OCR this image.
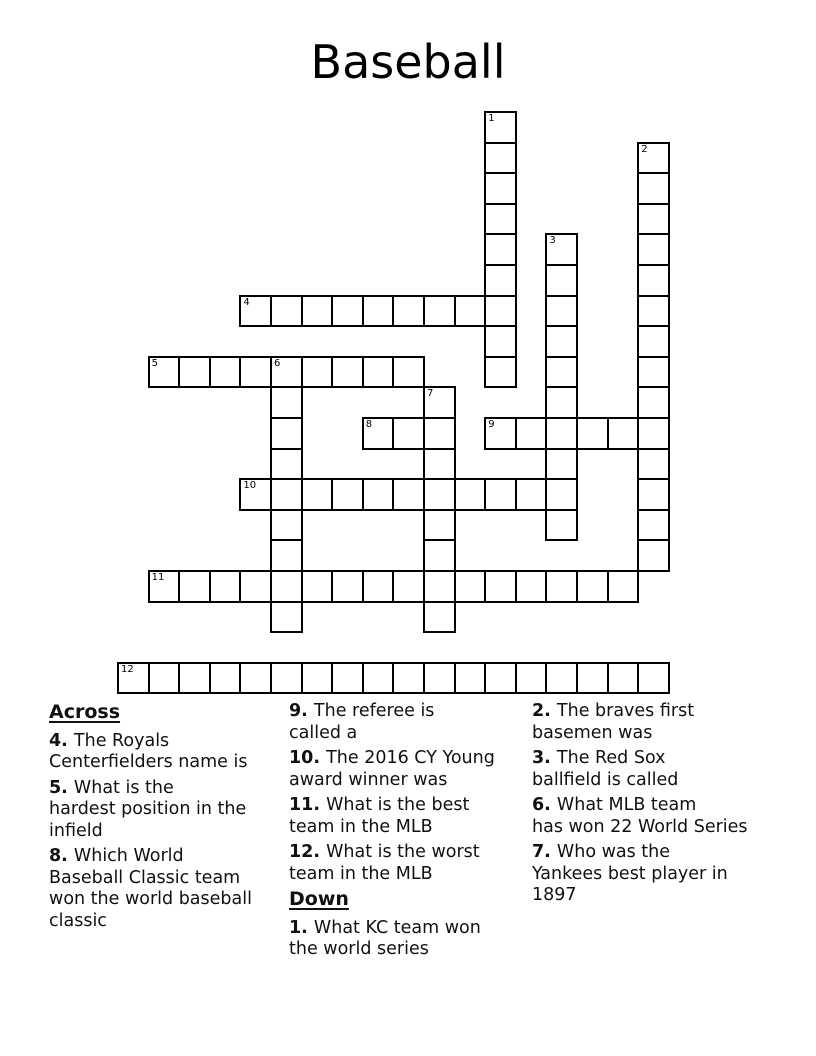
Baseball
1
2
3
4
5	6
7
8	9
10
11
12
Across
4. The Royals
Centerfielders name is
5. What is the
hardest position in the
infield
8. Which World
Baseball Classic team
won the world baseball
classic
9. The referee is
called a
10. The 2016 CY Young
award winner was
11. What is the best
team in the MLB
12. What is the worst
team in the MLB
Down
1. What KC team won
the world series
2. The braves first
basemen was
3. The Red Sox
ballfield is called
6. What MLB team
has won 22 World Series
7. Who was the
Yankees best player in
1897
